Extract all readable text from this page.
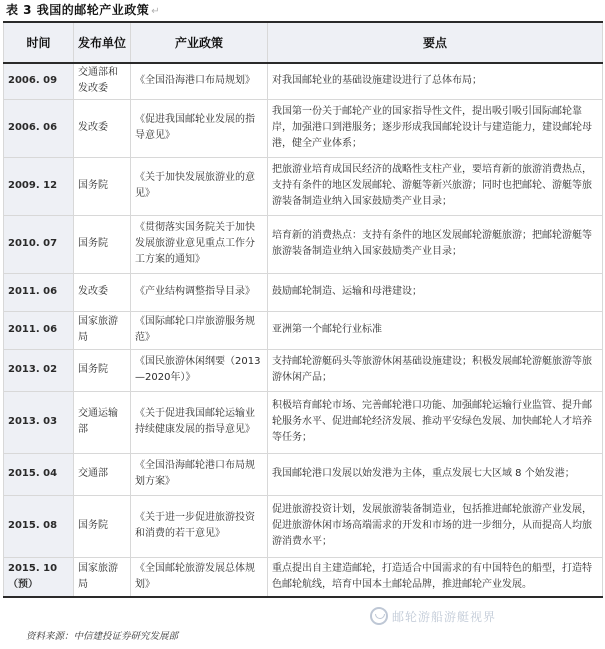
表 3 我国的邮轮产业政策 ↵
时间	发布单位	产业政策	要点
2006. 09	交通部和发改委	《全国沿海港口布局规划》	对我国邮轮业的基础设施建设进行了总体布局；
2006. 06	发改委	《促进我国邮轮业发展的指导意见》	我国第一份关于邮轮产业的国家指导性文件，提出吸引吸引国际邮轮靠岸，加强港口到港服务；逐步形成我国邮轮设计与建造能力，建设邮轮母港，健全产业体系；
2009. 12	国务院	《关于加快发展旅游业的意见》	把旅游业培育成国民经济的战略性支柱产业，要培育新的旅游消费热点，支持有条件的地区发展邮轮、游艇等新兴旅游；同时也把邮轮、游艇等旅游装备制造业纳入国家鼓励类产业目录；
2010. 07	国务院	《贯彻落实国务院关于加快发展旅游业意见重点工作分工方案的通知》	培育新的消费热点：支持有条件的地区发展邮轮游艇旅游；把邮轮游艇等旅游装备制造业纳入国家鼓励类产业目录；
2011. 06	发改委	《产业结构调整指导目录》	鼓励邮轮制造、运输和母港建设；
2011. 06	国家旅游局	《国际邮轮口岸旅游服务规范》	亚洲第一个邮轮行业标准
2013. 02	国务院	《国民旅游休闲纲要（2013—2020年）》	支持邮轮游艇码头等旅游休闲基础设施建设；积极发展邮轮游艇旅游等旅游休闲产品；
2013. 03	交通运输部	《关于促进我国邮轮运输业持续健康发展的指导意见》	积极培育邮轮市场、完善邮轮港口功能、加强邮轮运输行业监管、提升邮轮服务水平、促进邮轮经济发展、推动平安绿色发展、加快邮轮人才培养等任务；
2015. 04	交通部	《全国沿海邮轮港口布局规划方案》	我国邮轮港口发展以始发港为主体，重点发展七大区域 8 个始发港；
2015. 08	国务院	《关于进一步促进旅游投资和消费的若干意见》	促进旅游投资计划，发展旅游装备制造业，包括推进邮轮旅游产业发展，促进旅游休闲市场高端需求的开发和市场的进一步细分，从而提高人均旅游消费水平；
2015. 10（预）	国家旅游局	《全国邮轮旅游发展总体规划》	重点提出自主建造邮轮，打造适合中国需求的有中国特色的船型，打造特色邮轮航线，培育中国本土邮轮品牌，推进邮轮产业发展。
邮轮游船游艇视界
资料来源：中信建投证券研究发展部
